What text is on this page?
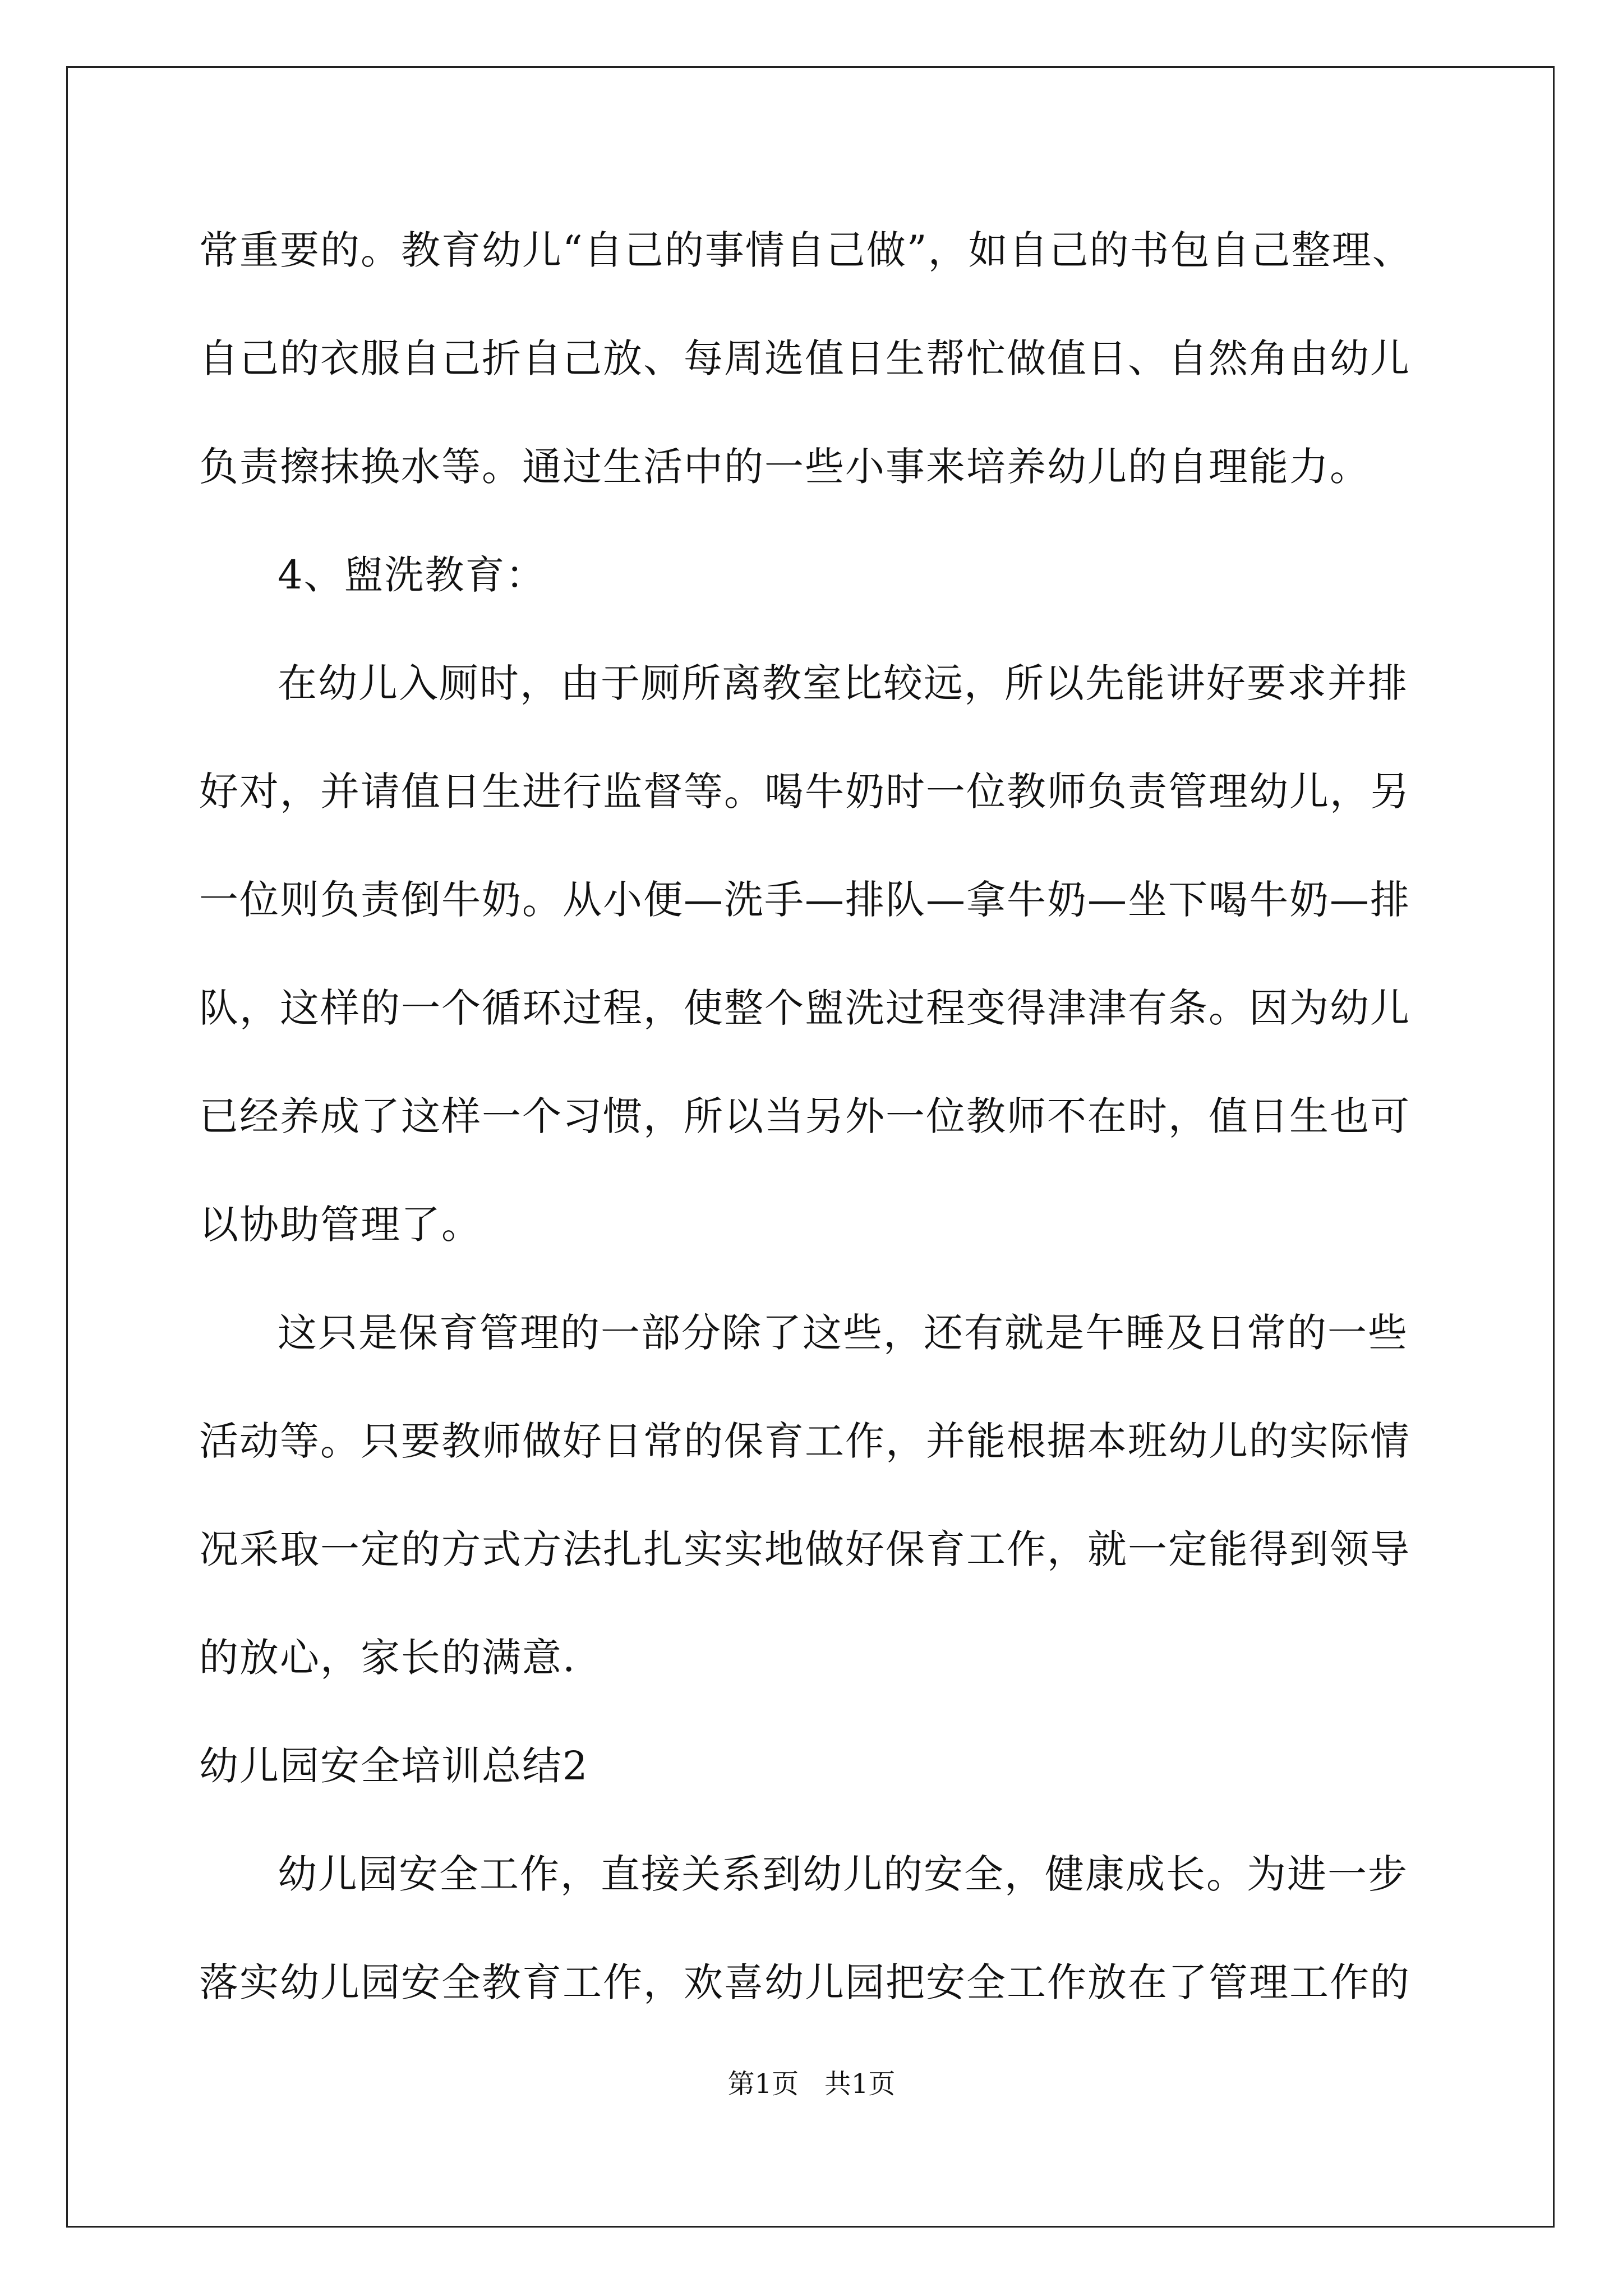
常重要的。教育幼儿“自己的事情自己做”，如自己的书包自己整理、
自己的衣服自己折自己放、每周选值日生帮忙做值日、自然角由幼儿
负责擦抹换水等。通过生活中的一些小事来培养幼儿的自理能力。
4、盥洗教育：
在幼儿入厕时，由于厕所离教室比较远，所以先能讲好要求并排
好对，并请值日生进行监督等。喝牛奶时一位教师负责管理幼儿，另
一位则负责倒牛奶。从小便—洗手—排队—拿牛奶—坐下喝牛奶—排
队，这样的一个循环过程，使整个盥洗过程变得津津有条。因为幼儿
已经养成了这样一个习惯，所以当另外一位教师不在时，值日生也可
以协助管理了。
这只是保育管理的一部分除了这些，还有就是午睡及日常的一些
活动等。只要教师做好日常的保育工作，并能根据本班幼儿的实际情
况采取一定的方式方法扎扎实实地做好保育工作，就一定能得到领导
的放心，家长的满意.
幼儿园安全培训总结2
幼儿园安全工作，直接关系到幼儿的安全，健康成长。为进一步
落实幼儿园安全教育工作，欢喜幼儿园把安全工作放在了管理工作的
第1页   共1页
